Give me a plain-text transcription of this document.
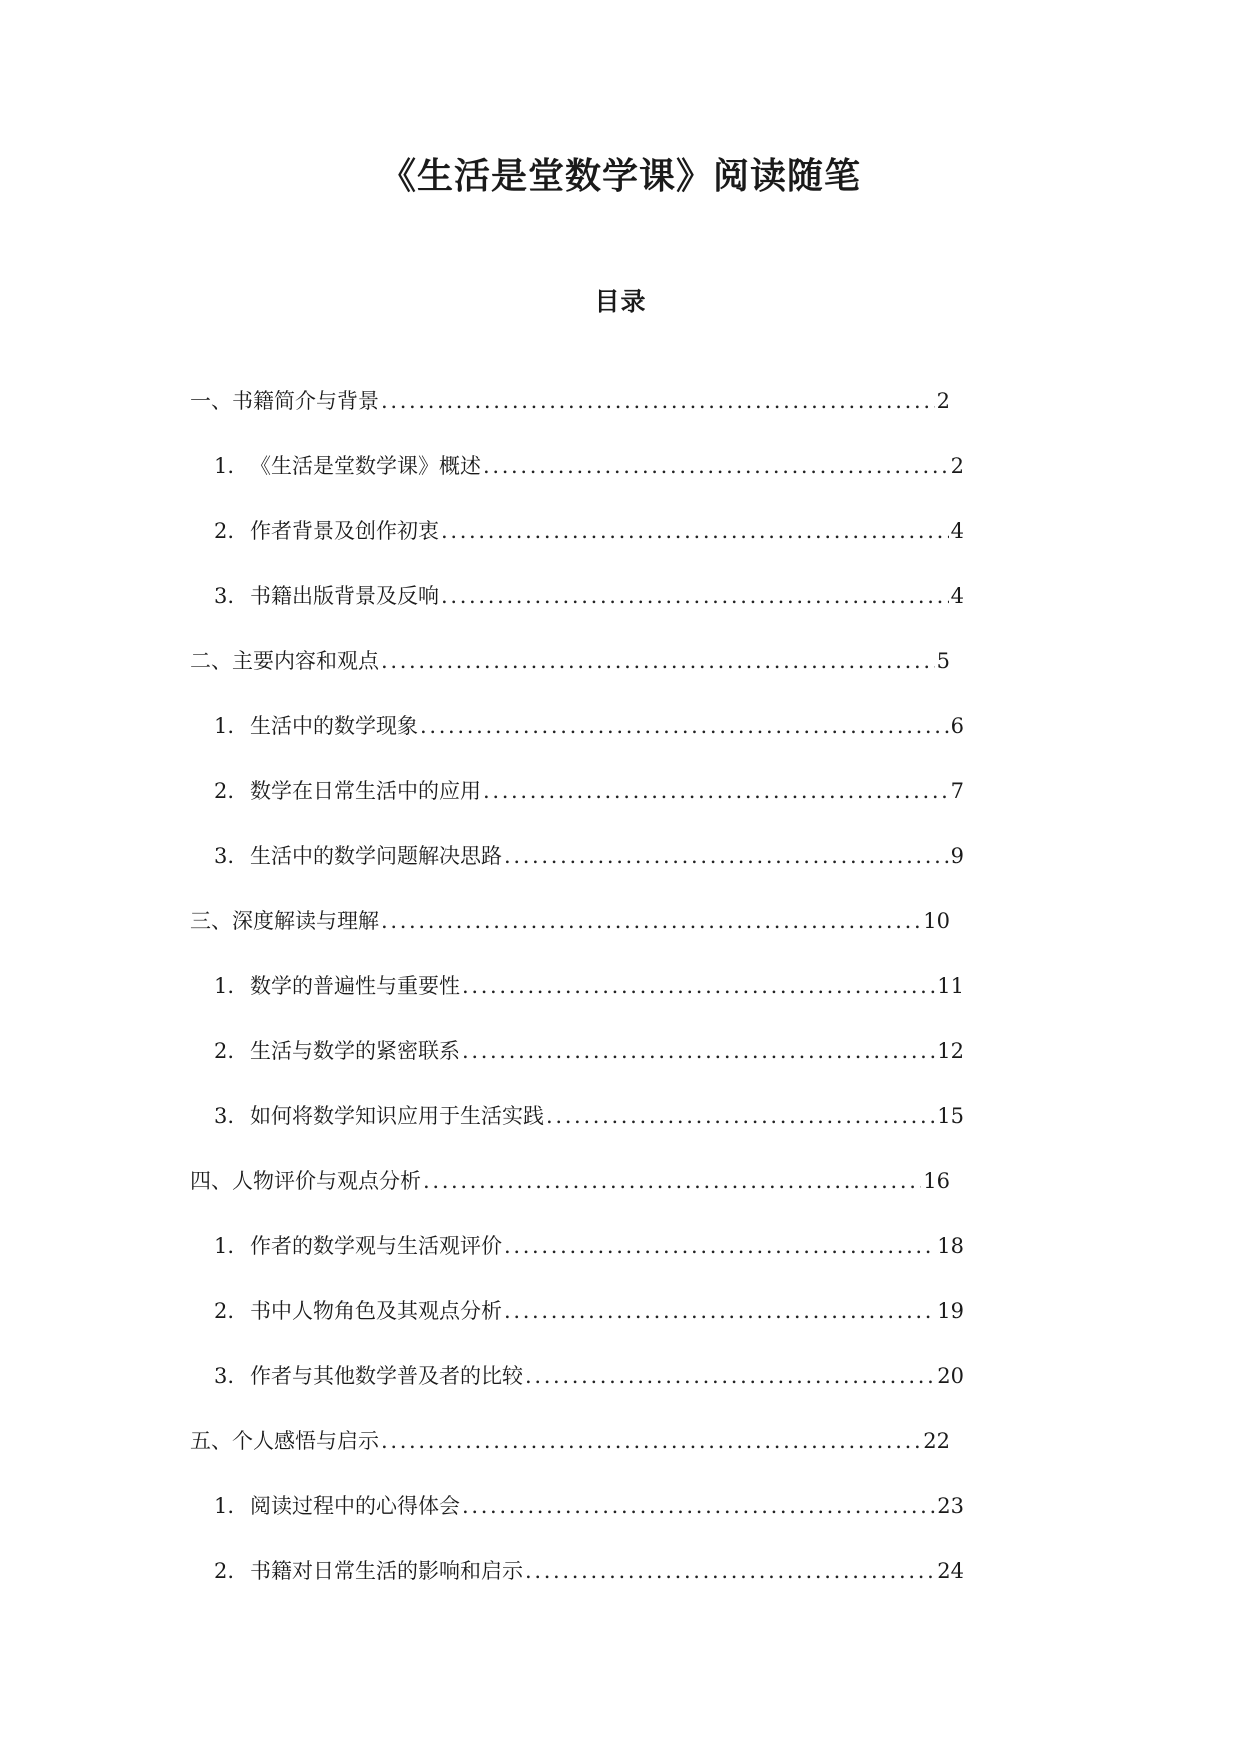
《生活是堂数学课》阅读随笔
目录
一、书籍简介与背景 . . .	2
1. 《生活是堂数学课》概述 . . .	2
2. 作者背景及创作初衷 . . .	4
3. 书籍出版背景及反响 . . .	4
二、主要内容和观点 . . .	5
1. 生活中的数学现象 . . .	6
2. 数学在日常生活中的应用 . . .	7
3. 生活中的数学问题解决思路 . . .	9
三、深度解读与理解 . . .	10
1. 数学的普遍性与重要性 . . .	11
2. 生活与数学的紧密联系 . . .	12
3. 如何将数学知识应用于生活实践 . . .	15
四、人物评价与观点分析 . . .	16
1. 作者的数学观与生活观评价 . . .	18
2. 书中人物角色及其观点分析 . . .	19
3. 作者与其他数学普及者的比较 . . .	20
五、个人感悟与启示 . . .	22
1. 阅读过程中的心得体会 . . .	23
2. 书籍对日常生活的影响和启示 . . .	24
